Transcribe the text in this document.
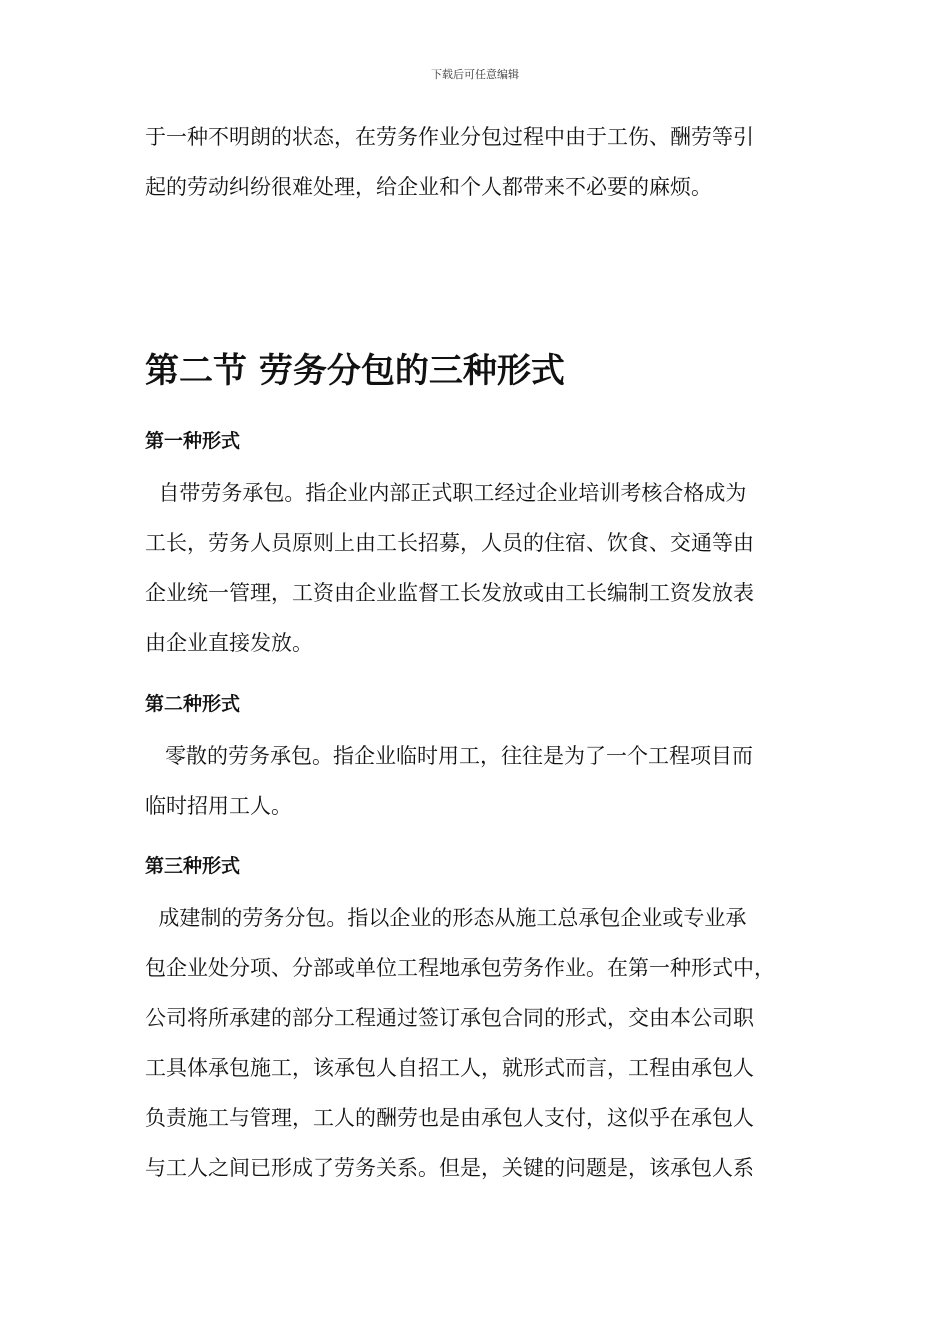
下载后可任意编辑
于一种不明朗的状态，在劳务作业分包过程中由于工伤、酬劳等引
起的劳动纠纷很难处理，给企业和个人都带来不必要的麻烦。
第二节 劳务分包的三种形式
第一种形式
自带劳务承包。指企业内部正式职工经过企业培训考核合格成为
工长，劳务人员原则上由工长招募，人员的住宿、饮食、交通等由
企业统一管理，工资由企业监督工长发放或由工长编制工资发放表
由企业直接发放。
第二种形式
零散的劳务承包。指企业临时用工，往往是为了一个工程项目而
临时招用工人。
第三种形式
成建制的劳务分包。指以企业的形态从施工总承包企业或专业承
包企业处分项、分部或单位工程地承包劳务作业。在第一种形式中，
公司将所承建的部分工程通过签订承包合同的形式，交由本公司职
工具体承包施工，该承包人自招工人，就形式而言，工程由承包人
负责施工与管理，工人的酬劳也是由承包人支付，这似乎在承包人
与工人之间已形成了劳务关系。但是，关键的问题是，该承包人系
